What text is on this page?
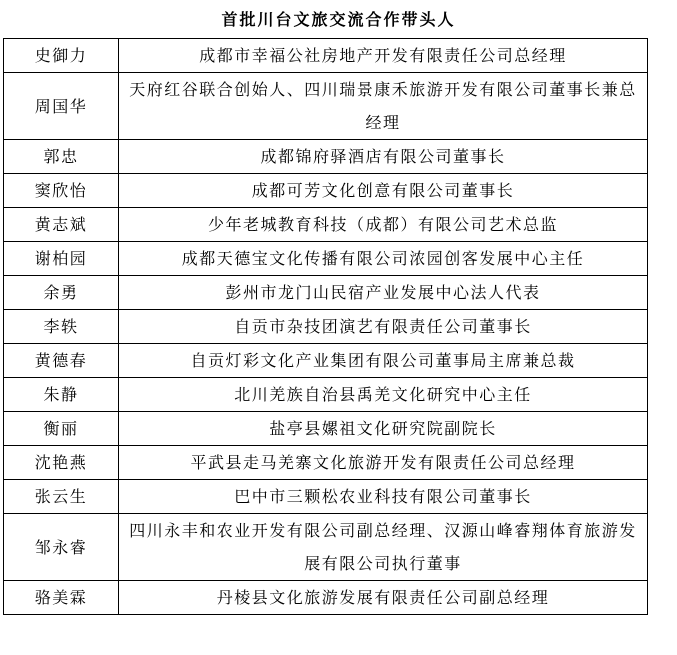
首批川台文旅交流合作带头人
史御力	成都市幸福公社房地产开发有限责任公司总经理
周国华	天府红谷联合创始人、四川瑞景康禾旅游开发有限公司董事长兼总经理
郭忠	成都锦府驿酒店有限公司董事长
窦欣怡	成都可芳文化创意有限公司董事长
黄志斌	少年老城教育科技（成都）有限公司艺术总监
谢柏园	成都天德宝文化传播有限公司浓园创客发展中心主任
余勇	彭州市龙门山民宿产业发展中心法人代表
李轶	自贡市杂技团演艺有限责任公司董事长
黄德春	自贡灯彩文化产业集团有限公司董事局主席兼总裁
朱静	北川羌族自治县禹羌文化研究中心主任
衡丽	盐亭县嫘祖文化研究院副院长
沈艳燕	平武县走马羌寨文化旅游开发有限责任公司总经理
张云生	巴中市三颗松农业科技有限公司董事长
邹永睿	四川永丰和农业开发有限公司副总经理、汉源山峰睿翔体育旅游发展有限公司执行董事
骆美霖	丹棱县文化旅游发展有限责任公司副总经理
